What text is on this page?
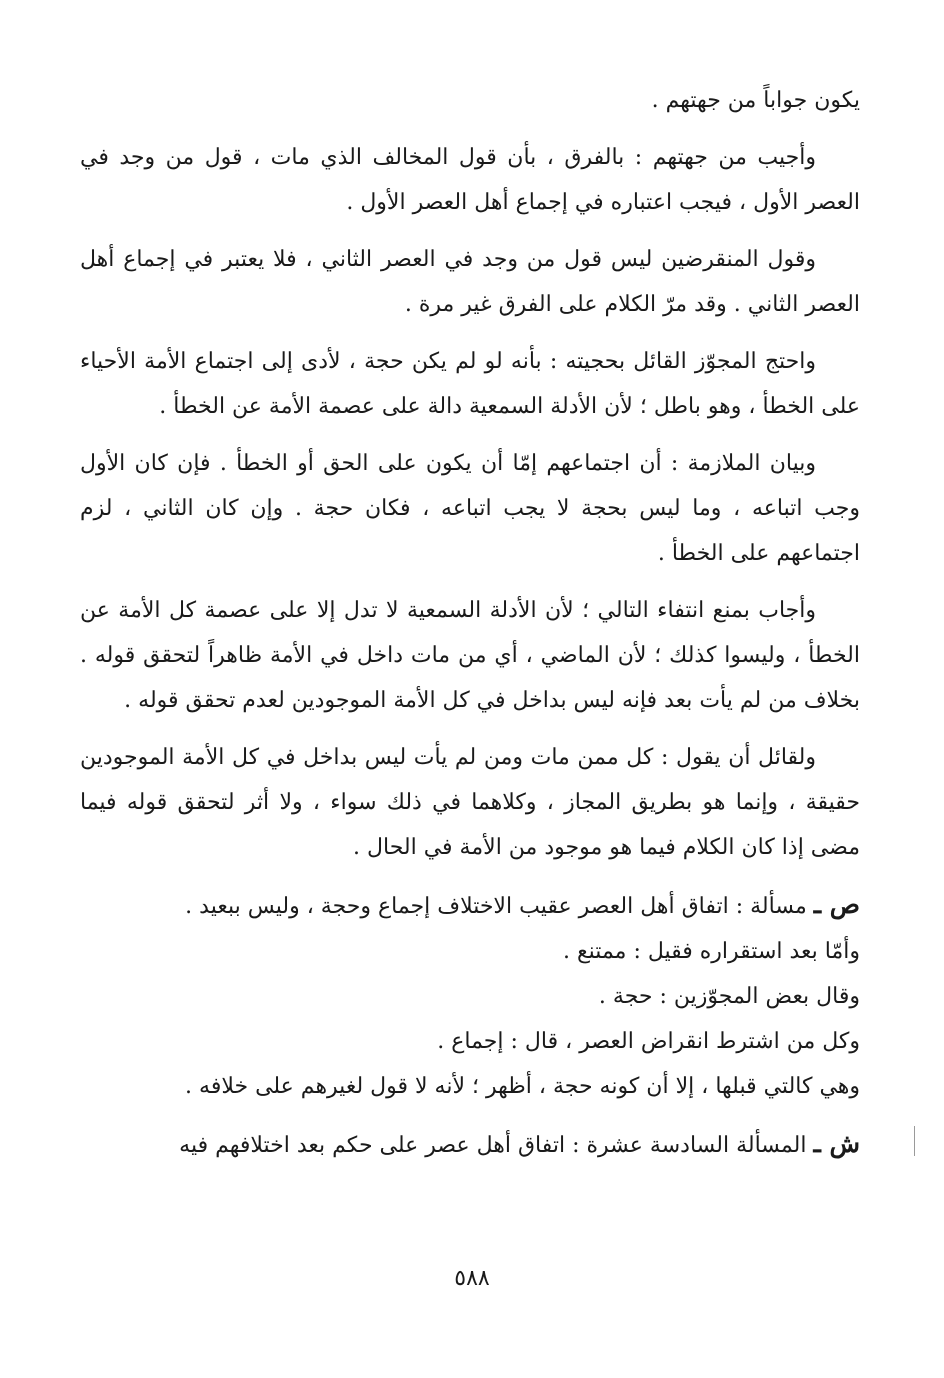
يكون جواباً من جهتهم .

وأجيب من جهتهم : بالفرق ، بأن قول المخالف الذي مات ، قول من وجد في العصر الأول ، فيجب اعتباره في إجماع أهل العصر الأول .

وقول المنقرضين ليس قول من وجد في العصر الثاني ، فلا يعتبر في إجماع أهل العصر الثاني . وقد مرّ الكلام على الفرق غير مرة .

واحتج المجوّز القائل بحجيته : بأنه لو لم يكن حجة ، لأدى إلى اجتماع الأمة الأحياء على الخطأ ، وهو باطل ؛ لأن الأدلة السمعية دالة على عصمة الأمة عن الخطأ .

وبيان الملازمة : أن اجتماعهم إمّا أن يكون على الحق أو الخطأ . فإن كان الأول وجب اتباعه ، وما ليس بحجة لا يجب اتباعه ، فكان حجة . وإن كان الثاني ، لزم اجتماعهم على الخطأ .

وأجاب بمنع انتفاء التالي ؛ لأن الأدلة السمعية لا تدل إلا على عصمة كل الأمة عن الخطأ ، وليسوا كذلك ؛ لأن الماضي ، أي من مات داخل في الأمة ظاهراً لتحقق قوله . بخلاف من لم يأت بعد فإنه ليس بداخل في كل الأمة الموجودين لعدم تحقق قوله .

ولقائل أن يقول : كل ممن مات ومن لم يأت ليس بداخل في كل الأمة الموجودين حقيقة ، وإنما هو بطريق المجاز ، وكلاهما في ذلك سواء ، ولا أثر لتحقق قوله فيما مضى إذا كان الكلام فيما هو موجود من الأمة في الحال .

ص ـ مسألة : اتفاق أهل العصر عقيب الاختلاف إجماع وحجة ، وليس ببعيد .

وأمّا بعد استقراره فقيل : ممتنع .

وقال بعض المجوّزين : حجة .

وكل من اشترط انقراض العصر ، قال : إجماع .

وهي كالتي قبلها ، إلا أن كونه حجة ، أظهر ؛ لأنه لا قول لغيرهم على خلافه .

ش ـ المسألة السادسة عشرة : اتفاق أهل عصر على حكم بعد اختلافهم فيه

٥٨٨
